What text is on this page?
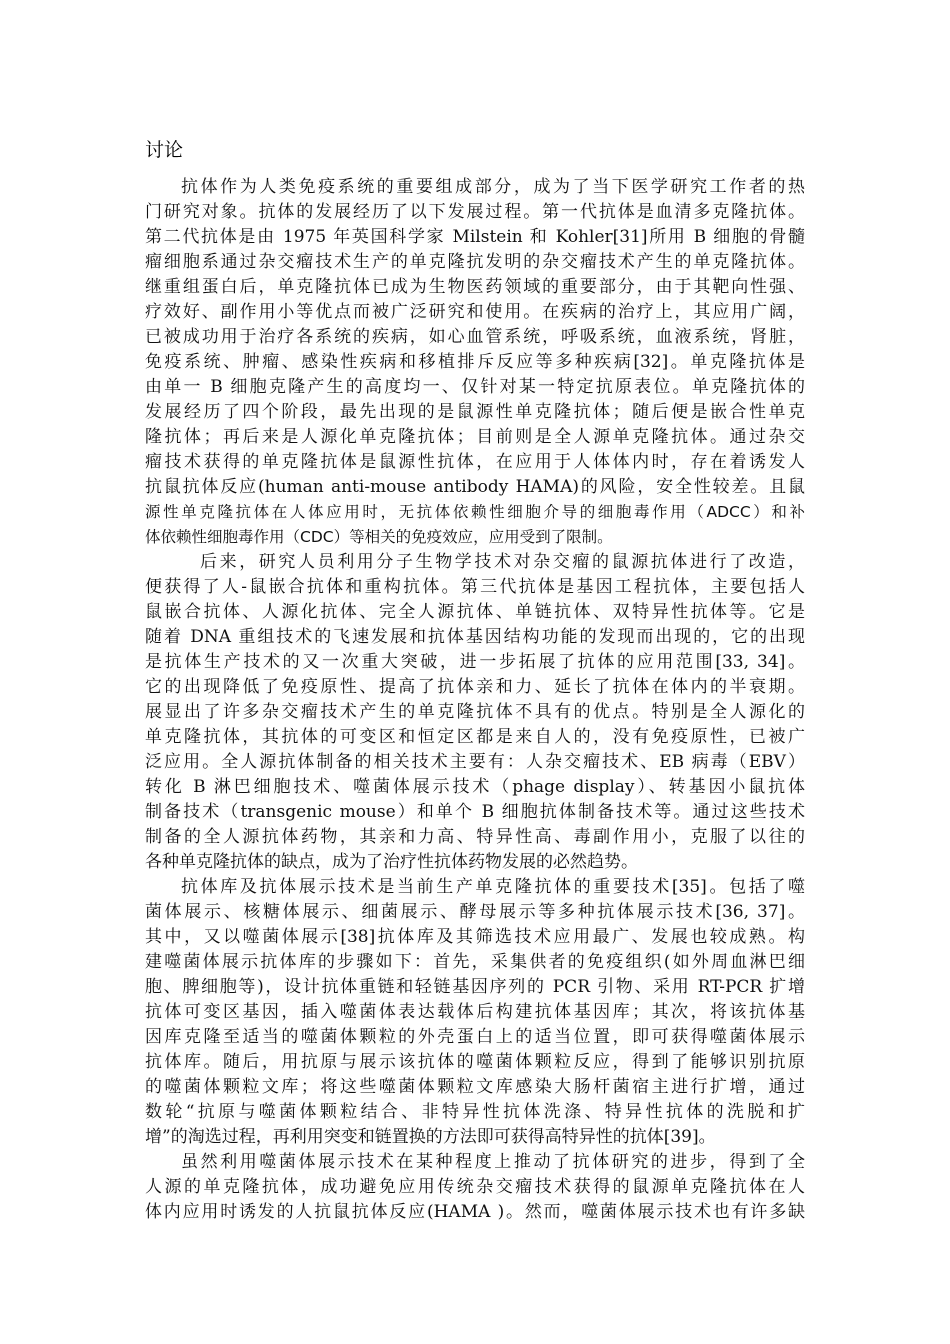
讨论
抗体作为人类免疫系统的重要组成部分，成为了当下医学研究工作者的热
门研究对象。抗体的发展经历了以下发展过程。第一代抗体是血清多克隆抗体。
第二代抗体是由 1975 年英国科学家 Milstein 和 Kohler[31]所用 B 细胞的骨髓
瘤细胞系通过杂交瘤技术生产的单克隆抗发明的杂交瘤技术产生的单克隆抗体。
继重组蛋白后，单克隆抗体已成为生物医药领域的重要部分，由于其靶向性强、
疗效好、副作用小等优点而被广泛研究和使用。在疾病的治疗上，其应用广阔，
已被成功用于治疗各系统的疾病，如心血管系统，呼吸系统，血液系统，肾脏，
免疫系统、肿瘤、感染性疾病和移植排斥反应等多种疾病[32]。单克隆抗体是
由单一 B 细胞克隆产生的高度均一、仅针对某一特定抗原表位。单克隆抗体的
发展经历了四个阶段，最先出现的是鼠源性单克隆抗体；随后便是嵌合性单克
隆抗体；再后来是人源化单克隆抗体；目前则是全人源单克隆抗体。通过杂交
瘤技术获得的单克隆抗体是鼠源性抗体，在应用于人体体内时，存在着诱发人
抗鼠抗体反应(human anti-mouse antibody HAMA)的风险，安全性较差。且鼠
源性单克隆抗体在人体应用时，无抗体依赖性细胞介导的细胞毒作用（ADCC）和补
体依赖性细胞毒作用（CDC）等相关的免疫效应，应用受到了限制。
后来，研究人员利用分子生物学技术对杂交瘤的鼠源抗体进行了改造，
便获得了人-鼠嵌合抗体和重构抗体。第三代抗体是基因工程抗体，主要包括人
鼠嵌合抗体、人源化抗体、完全人源抗体、单链抗体、双特异性抗体等。它是
随着 DNA 重组技术的飞速发展和抗体基因结构功能的发现而出现的，它的出现
是抗体生产技术的又一次重大突破，进一步拓展了抗体的应用范围[33, 34]。
它的出现降低了免疫原性、提高了抗体亲和力、延长了抗体在体内的半衰期。
展显出了许多杂交瘤技术产生的单克隆抗体不具有的优点。特别是全人源化的
单克隆抗体，其抗体的可变区和恒定区都是来自人的，没有免疫原性，已被广
泛应用。全人源抗体制备的相关技术主要有：人杂交瘤技术、EB 病毒（EBV）
转化 B 淋巴细胞技术、噬菌体展示技术（phage display）、转基因小鼠抗体
制备技术（transgenic mouse）和单个 B 细胞抗体制备技术等。通过这些技术
制备的全人源抗体药物，其亲和力高、特异性高、毒副作用小，克服了以往的
各种单克隆抗体的缺点，成为了治疗性抗体药物发展的必然趋势。
抗体库及抗体展示技术是当前生产单克隆抗体的重要技术[35]。包括了噬
菌体展示、核糖体展示、细菌展示、酵母展示等多种抗体展示技术[36, 37]。
其中，又以噬菌体展示[38]抗体库及其筛选技术应用最广、发展也较成熟。构
建噬菌体展示抗体库的步骤如下：首先，采集供者的免疫组织(如外周血淋巴细
胞、脾细胞等)，设计抗体重链和轻链基因序列的 PCR 引物、采用 RT-PCR 扩增
抗体可变区基因，插入噬菌体表达载体后构建抗体基因库；其次，将该抗体基
因库克隆至适当的噬菌体颗粒的外壳蛋白上的适当位置，即可获得噬菌体展示
抗体库。随后，用抗原与展示该抗体的噬菌体颗粒反应，得到了能够识别抗原
的噬菌体颗粒文库；将这些噬菌体颗粒文库感染大肠杆菌宿主进行扩增，通过
数轮“抗原与噬菌体颗粒结合、非特异性抗体洗涤、特异性抗体的洗脱和扩
增”的淘选过程，再利用突变和链置换的方法即可获得高特异性的抗体[39]。
虽然利用噬菌体展示技术在某种程度上推动了抗体研究的进步，得到了全
人源的单克隆抗体，成功避免应用传统杂交瘤技术获得的鼠源单克隆抗体在人
体内应用时诱发的人抗鼠抗体反应(HAMA )。然而，噬菌体展示技术也有许多缺
